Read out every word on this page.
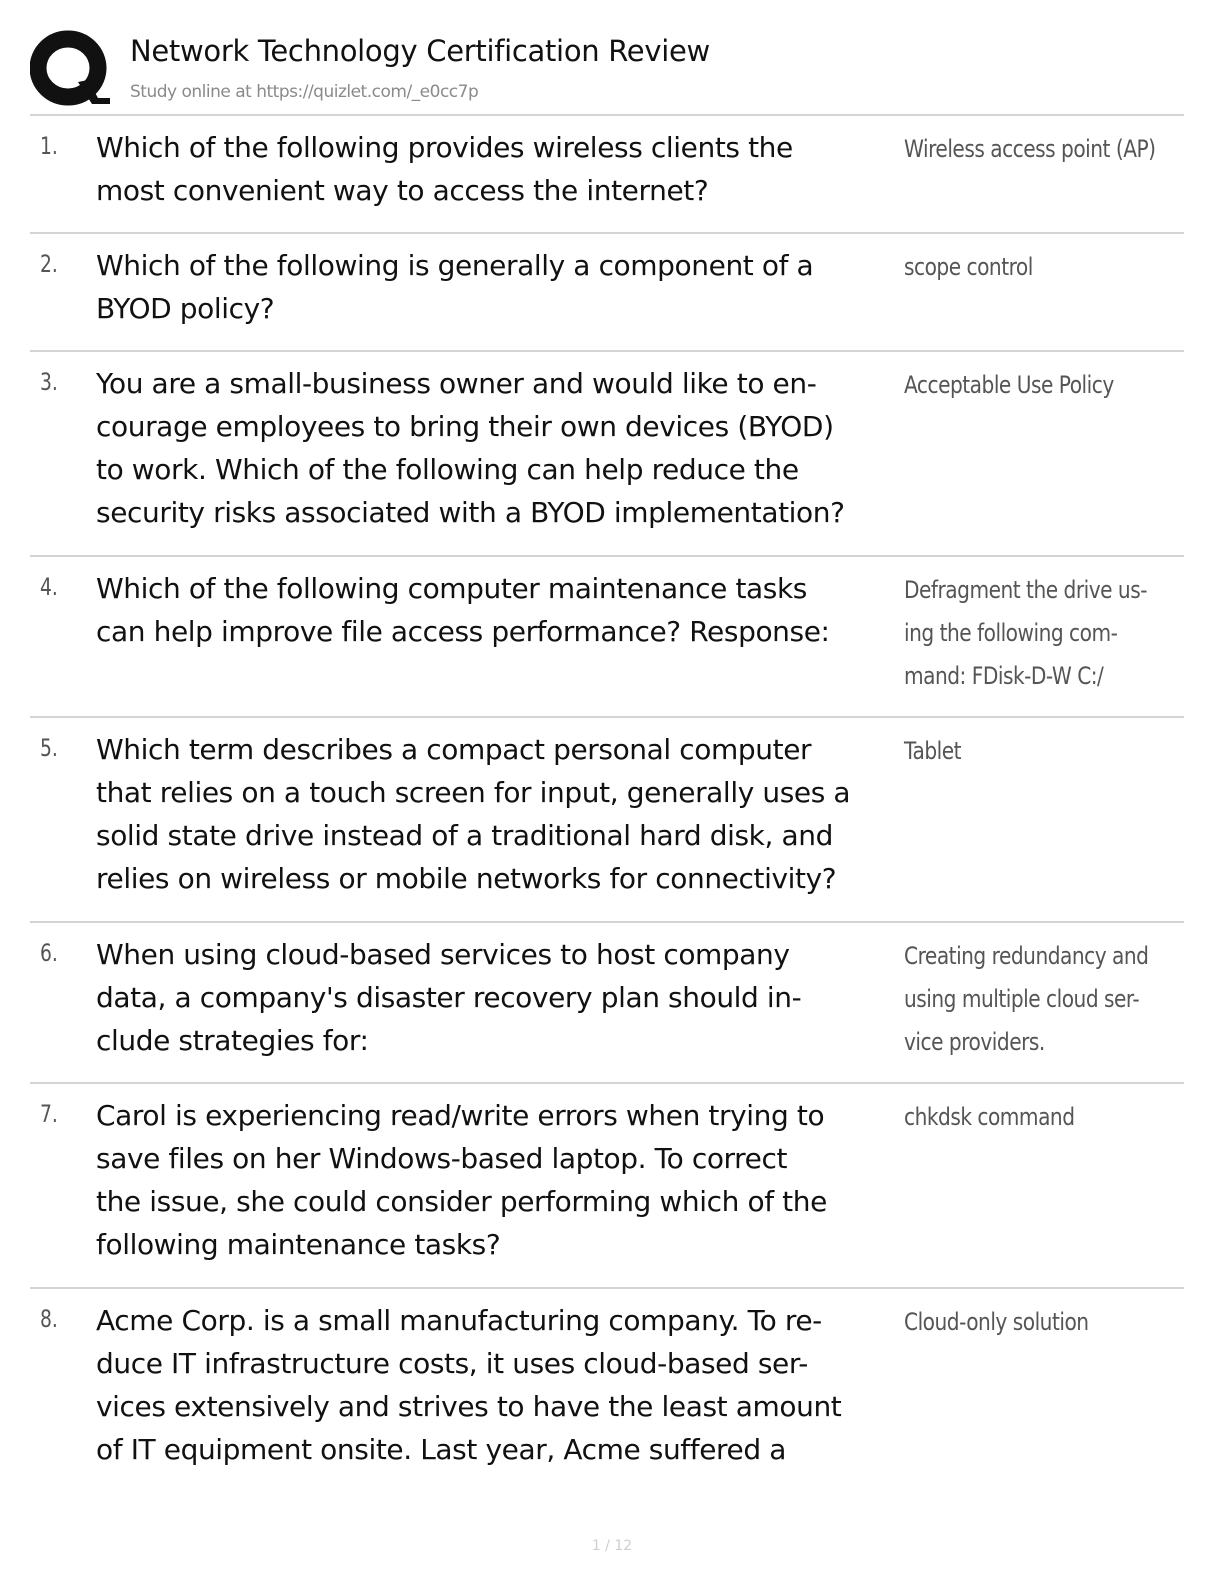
Network Technology Certification Review
Study online at https://quizlet.com/_e0cc7p
1. Which of the following provides wireless clients the
most convenient way to access the internet?
Wireless access point (AP)
2. Which of the following is generally a component of a
BYOD policy?
scope control
3. You are a small-business owner and would like to en-
courage employees to bring their own devices (BYOD)
to work. Which of the following can help reduce the
security risks associated with a BYOD implementation?
Acceptable Use Policy
4. Which of the following computer maintenance tasks
can help improve file access performance? Response:
Defragment the drive us-
ing the following com-
mand: FDisk-D-W C:/
5. Which term describes a compact personal computer
that relies on a touch screen for input, generally uses a
solid state drive instead of a traditional hard disk, and
relies on wireless or mobile networks for connectivity?
Tablet
6. When using cloud-based services to host company
data, a company's disaster recovery plan should in-
clude strategies for:
Creating redundancy and
using multiple cloud ser-
vice providers.
7. Carol is experiencing read/write errors when trying to
save files on her Windows-based laptop. To correct
the issue, she could consider performing which of the
following maintenance tasks?
chkdsk command
8. Acme Corp. is a small manufacturing company. To re-
duce IT infrastructure costs, it uses cloud-based ser-
vices extensively and strives to have the least amount
of IT equipment onsite. Last year, Acme suffered a
Cloud-only solution
1 / 12
